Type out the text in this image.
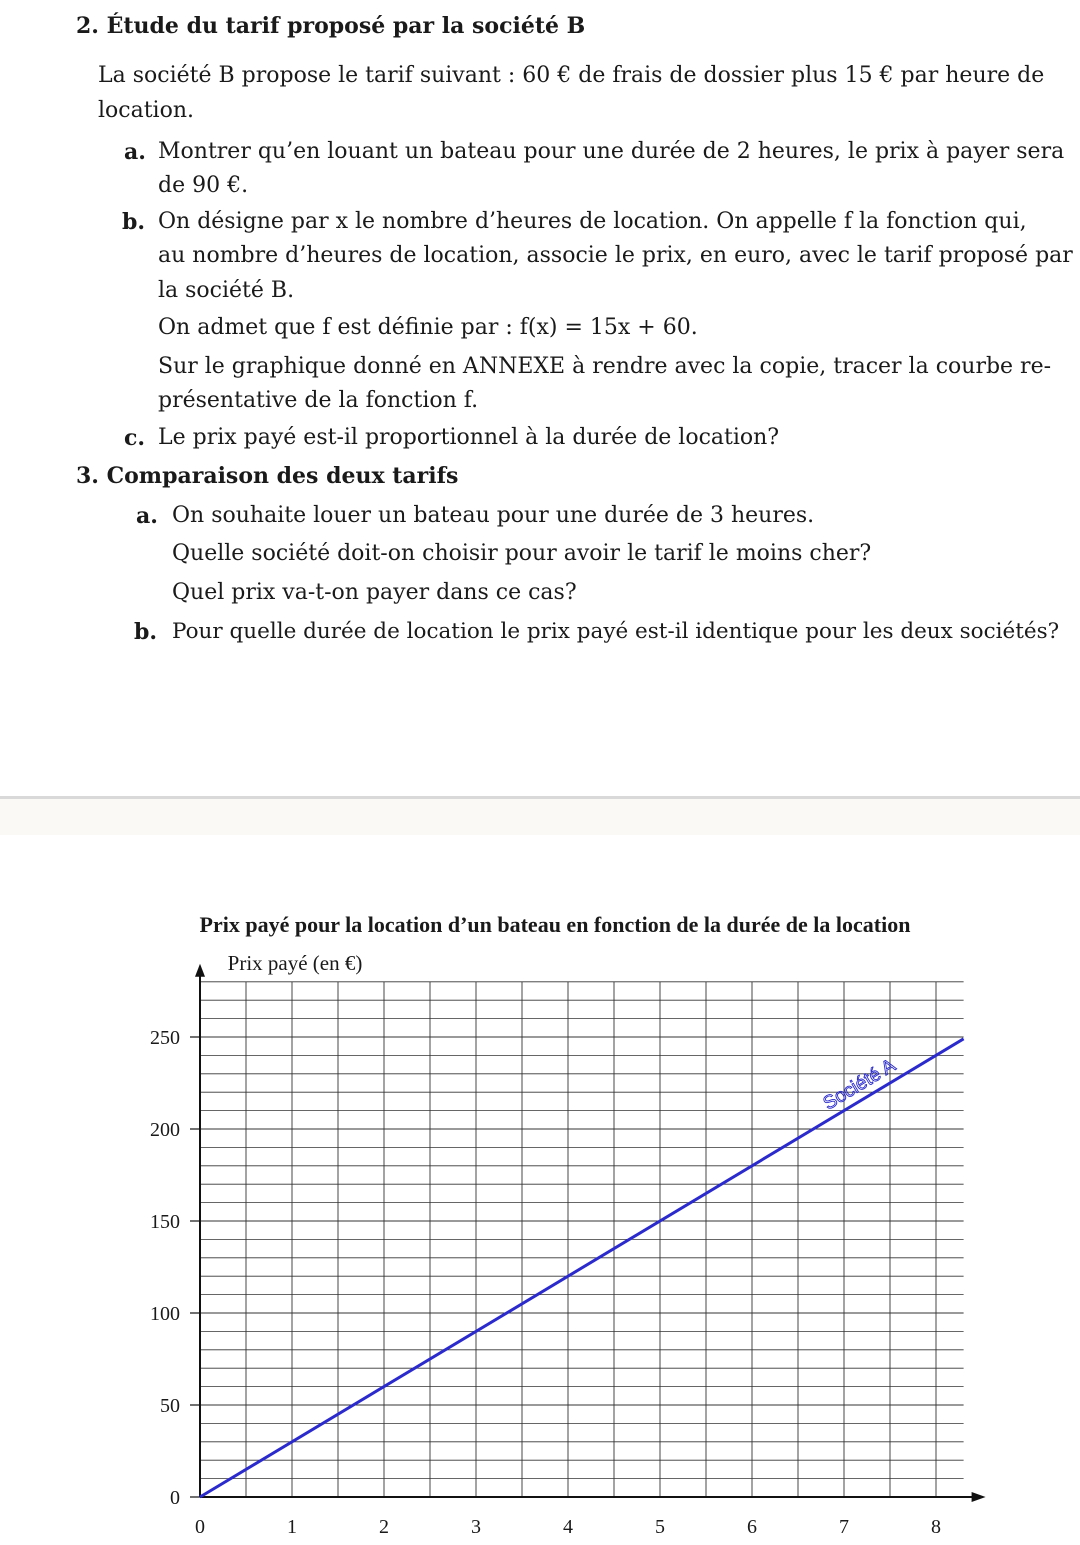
2. Étude du tarif proposé par la société B
La société B propose le tarif suivant : 60 € de frais de dossier plus 15 € par heure de
location.
a. Montrer qu’en louant un bateau pour une durée de 2 heures, le prix à payer sera
de 90 €.
b. On désigne par x le nombre d’heures de location. On appelle f la fonction qui,
au nombre d’heures de location, associe le prix, en euro, avec le tarif proposé par
la société B.
On admet que f est définie par : f(x) = 15x + 60.
Sur le graphique donné en ANNEXE à rendre avec la copie, tracer la courbe re-
présentative de la fonction f.
c. Le prix payé est-il proportionnel à la durée de location?
3. Comparaison des deux tarifs
a. On souhaite louer un bateau pour une durée de 3 heures.
Quelle société doit-on choisir pour avoir le tarif le moins cher?
Quel prix va-t-on payer dans ce cas?
b. Pour quelle durée de location le prix payé est-il identique pour les deux sociétés?
Prix payé pour la location d’un bateau en fonction de la durée de la location
Prix payé (en €)
0	1	2	3	4	5	6	7	8
0
50
100
150
200
250
Société A
